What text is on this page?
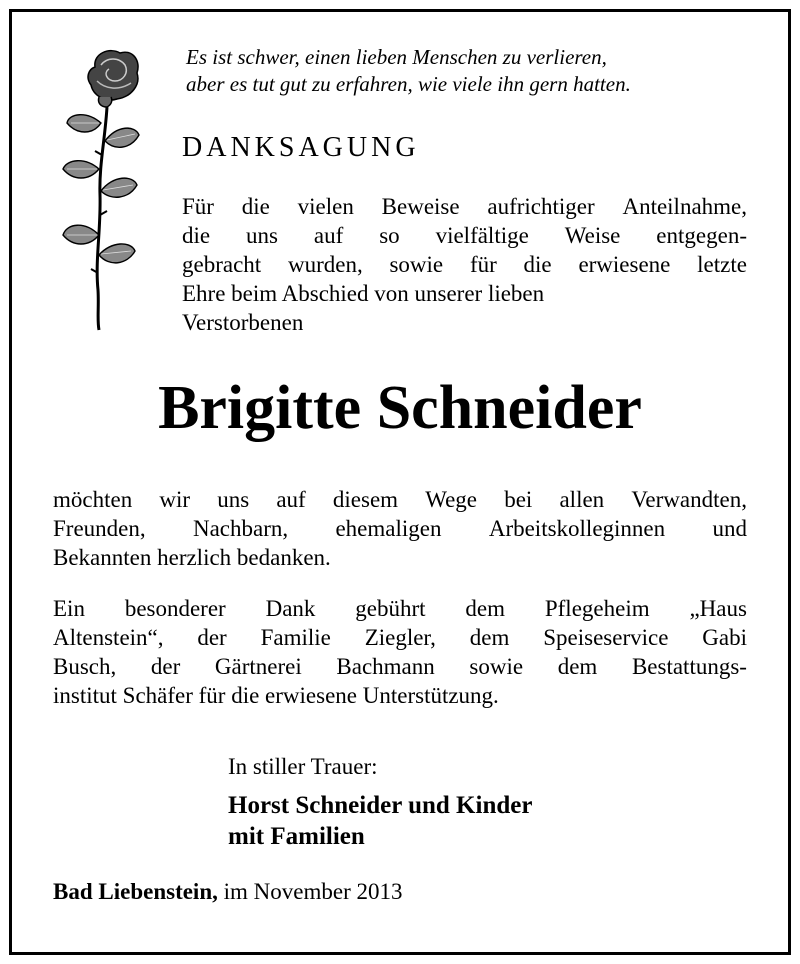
Es ist schwer, einen lieben Menschen zu verlieren,
aber es tut gut zu erfahren, wie viele ihn gern hatten.
DANKSAGUNG
Für die vielen Beweise aufrichtiger Anteilnahme,
die uns auf so vielfältige Weise entgegen-
gebracht wurden, sowie für die erwiesene letzte
Ehre beim Abschied von unserer lieben
Verstorbenen
Brigitte Schneider
möchten wir uns auf diesem Wege bei allen Verwandten,
Freunden, Nachbarn, ehemaligen Arbeitskolleginnen und
Bekannten herzlich bedanken.
Ein besonderer Dank gebührt dem Pflegeheim „Haus
Altenstein“, der Familie Ziegler, dem Speiseservice Gabi
Busch, der Gärtnerei Bachmann sowie dem Bestattungs-
institut Schäfer für die erwiesene Unterstützung.
In stiller Trauer:
Horst Schneider und Kinder
mit Familien
Bad Liebenstein, im November 2013
